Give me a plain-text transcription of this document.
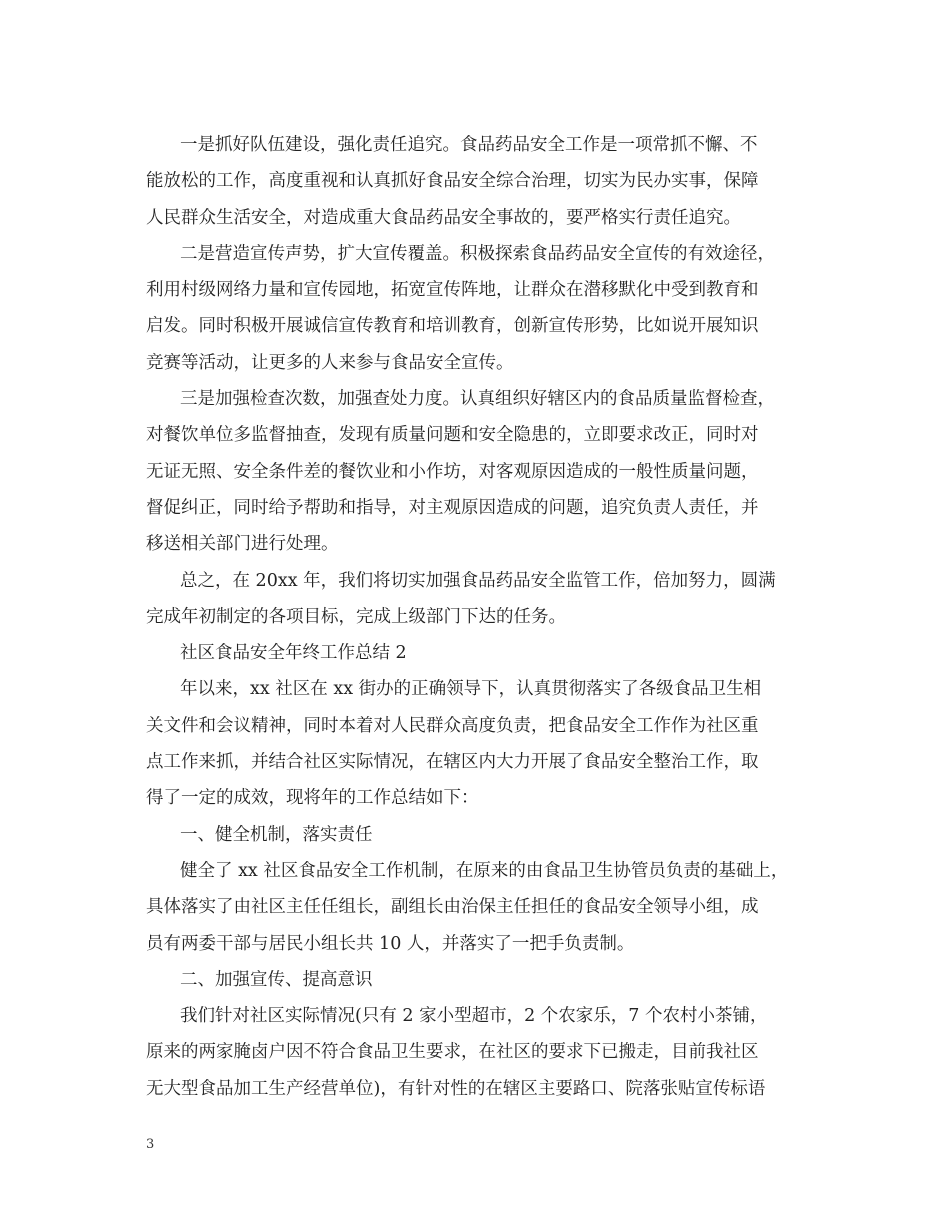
一是抓好队伍建设，强化责任追究。食品药品安全工作是一项常抓不懈、不
能放松的工作，高度重视和认真抓好食品安全综合治理，切实为民办实事，保障
人民群众生活安全，对造成重大食品药品安全事故的，要严格实行责任追究。
二是营造宣传声势，扩大宣传覆盖。积极探索食品药品安全宣传的有效途径，
利用村级网络力量和宣传园地，拓宽宣传阵地，让群众在潜移默化中受到教育和
启发。同时积极开展诚信宣传教育和培训教育，创新宣传形势，比如说开展知识
竞赛等活动，让更多的人来参与食品安全宣传。
三是加强检查次数，加强查处力度。认真组织好辖区内的食品质量监督检查，
对餐饮单位多监督抽查，发现有质量问题和安全隐患的，立即要求改正，同时对
无证无照、安全条件差的餐饮业和小作坊，对客观原因造成的一般性质量问题，
督促纠正，同时给予帮助和指导，对主观原因造成的问题，追究负责人责任，并
移送相关部门进行处理。
总之，在 20xx 年，我们将切实加强食品药品安全监管工作，倍加努力，圆满
完成年初制定的各项目标，完成上级部门下达的任务。
社区食品安全年终工作总结 2
年以来，xx 社区在 xx 街办的正确领导下，认真贯彻落实了各级食品卫生相
关文件和会议精神，同时本着对人民群众高度负责，把食品安全工作作为社区重
点工作来抓，并结合社区实际情况，在辖区内大力开展了食品安全整治工作，取
得了一定的成效，现将年的工作总结如下：
一、健全机制，落实责任
健全了 xx 社区食品安全工作机制，在原来的由食品卫生协管员负责的基础上，
具体落实了由社区主任任组长，副组长由治保主任担任的食品安全领导小组，成
员有两委干部与居民小组长共 10 人，并落实了一把手负责制。
二、加强宣传、提高意识
我们针对社区实际情况(只有 2 家小型超市，2 个农家乐，7 个农村小茶铺，
原来的两家腌卤户因不符合食品卫生要求，在社区的要求下已搬走，目前我社区
无大型食品加工生产经营单位)，有针对性的在辖区主要路口、院落张贴宣传标语
3
